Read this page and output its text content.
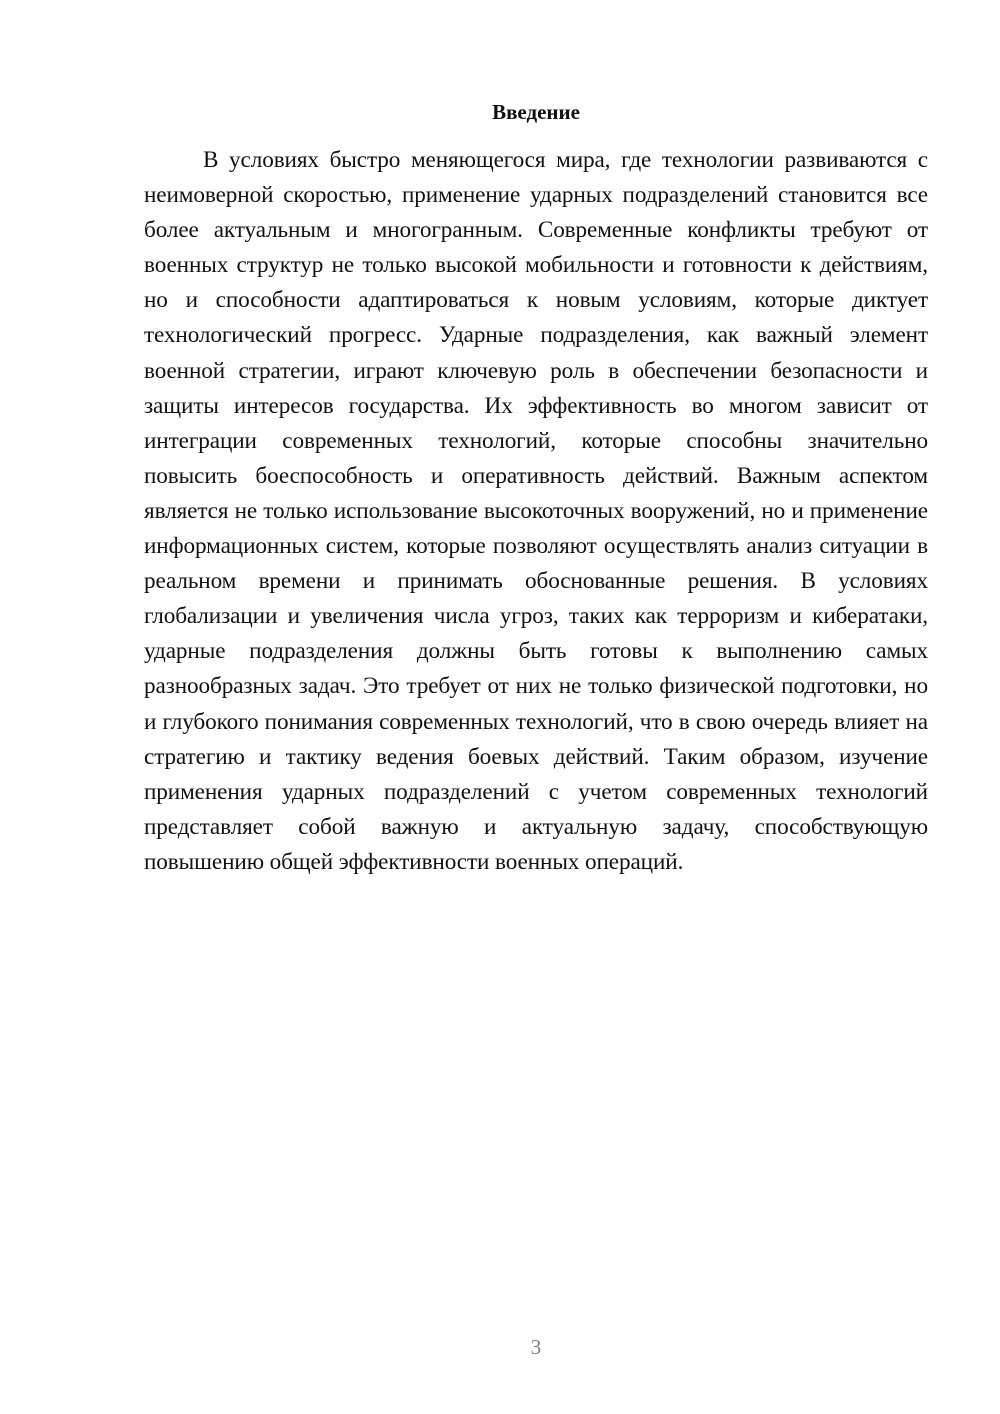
Введение

В условиях быстро меняющегося мира, где технологии развиваются с неимоверной скоростью, применение ударных подразделений становится все более актуальным и многогранным. Современные конфликты требуют от военных структур не только высокой мобильности и готовности к действиям, но и способности адаптироваться к новым условиям, которые диктует технологический прогресс. Ударные подразделения, как важный элемент военной стратегии, играют ключевую роль в обеспечении безопасности и защиты интересов государства. Их эффективность во многом зависит от интеграции современных технологий, которые способны значительно повысить боеспособность и оперативность действий. Важным аспектом является не только использование высокоточных вооружений, но и применение информационных систем, которые позволяют осуществлять анализ ситуации в реальном времени и принимать обоснованные решения. В условиях глобализации и увеличения числа угроз, таких как терроризм и кибератаки, ударные подразделения должны быть готовы к выполнению самых разнообразных задач. Это требует от них не только физической подготовки, но и глубокого понимания современных технологий, что в свою очередь влияет на стратегию и тактику ведения боевых действий. Таким образом, изучение применения ударных подразделений с учетом современных технологий представляет собой важную и актуальную задачу, способствующую повышению общей эффективности военных операций.

3
